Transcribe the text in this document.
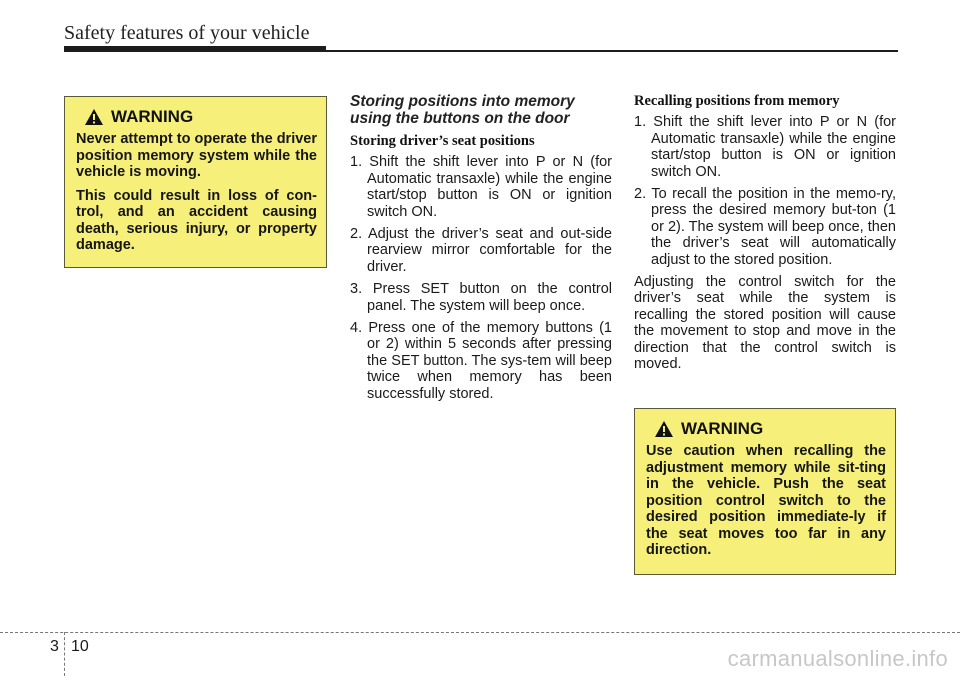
Safety features of your vehicle
WARNING

Never attempt to operate the driver position memory system while the vehicle is moving.

This could result in loss of con-trol, and an accident causing death, serious injury, or property damage.

Storing positions into memory using the buttons on the door
Storing driver’s seat positions
1. Shift the shift lever into P or N (for Automatic transaxle) while the engine start/stop button is ON or ignition switch ON.
2. Adjust the driver’s seat and out-side rearview mirror comfortable for the driver.
3. Press SET button on the control panel. The system will beep once.
4. Press one of the memory buttons (1 or 2) within 5 seconds after pressing the SET button. The sys-tem will beep twice when memory has been successfully stored.
Recalling positions from memory
1. Shift the shift lever into P or N (for Automatic transaxle) while the engine start/stop button is ON or ignition switch ON.
2. To recall the position in the memo-ry, press the desired memory but-ton (1 or 2). The system will beep once, then the driver’s seat will automatically adjust to the stored position.

Adjusting the control switch for the driver’s seat while the system is recalling the stored position will cause the movement to stop and move in the direction that the control switch is moved.

WARNING

Use caution when recalling the adjustment memory while sit-ting in the vehicle. Push the seat position control switch to the desired position immediate-ly if the seat moves too far in any direction.

3 10	carmanualsonline.info
